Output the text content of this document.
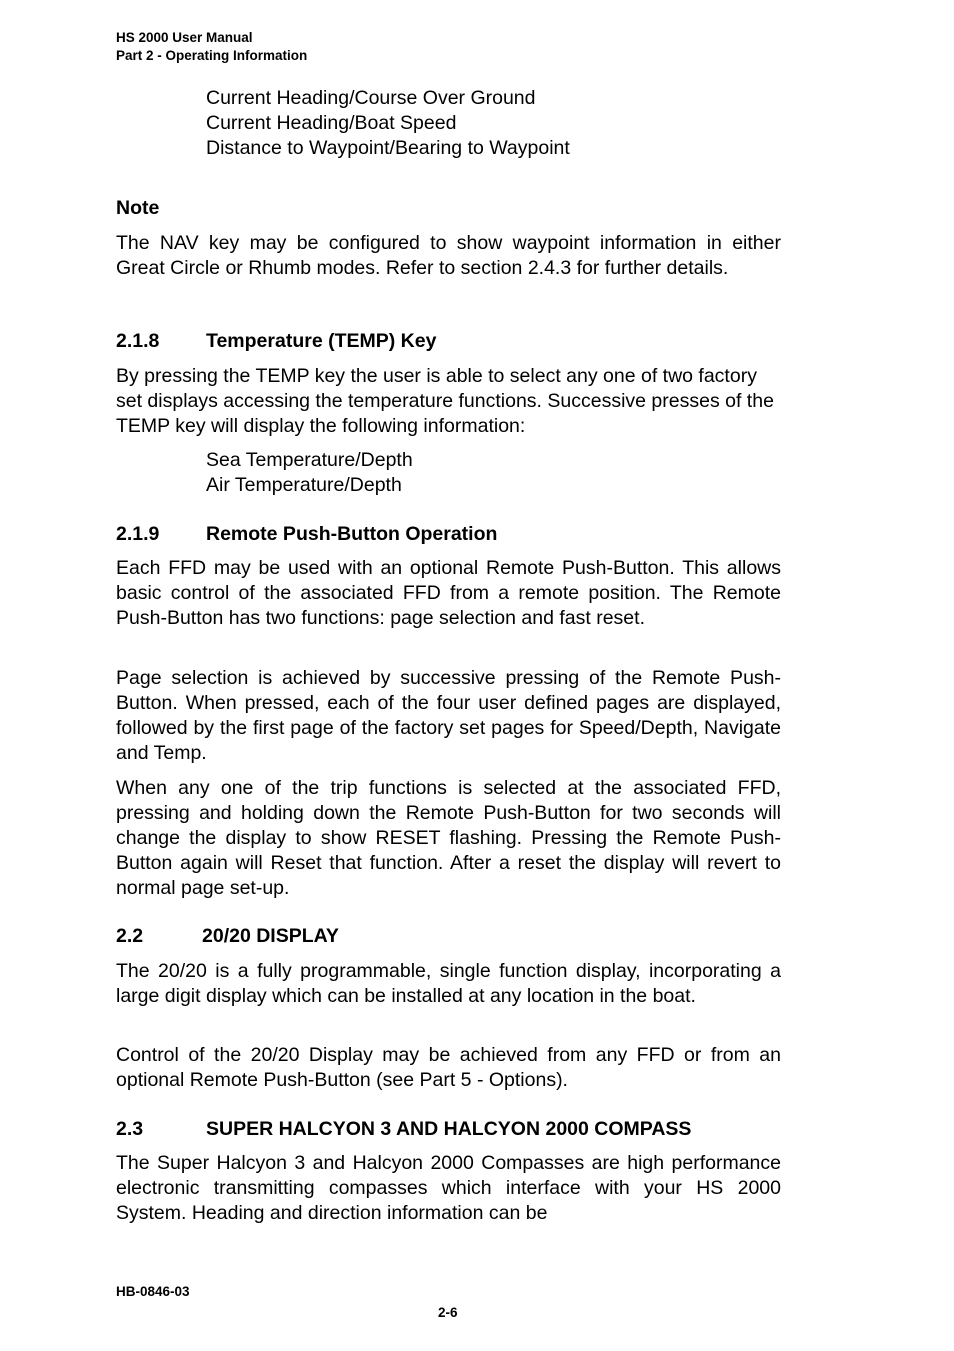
HS 2000 User Manual
Part 2 - Operating Information
Current Heading/Course Over Ground
Current Heading/Boat Speed
Distance to Waypoint/Bearing to Waypoint
Note
The NAV key may be configured to show waypoint information in either Great Circle or Rhumb modes. Refer to section 2.4.3 for further details.
2.1.8 Temperature (TEMP) Key
By pressing the TEMP key the user is able to select any one of two factory set displays accessing the temperature functions. Successive presses of the TEMP key will display the following information:
Sea Temperature/Depth
Air Temperature/Depth
2.1.9 Remote Push-Button Operation
Each FFD may be used with an optional Remote Push-Button. This allows basic control of the associated FFD from a remote position. The Remote Push-Button has two functions: page selection and fast reset.
Page selection is achieved by successive pressing of the Remote Push-Button. When pressed, each of the four user defined pages are displayed, followed by the first page of the factory set pages for Speed/Depth, Navigate and Temp.
When any one of the trip functions is selected at the associated FFD, pressing and holding down the Remote Push-Button for two seconds will change the display to show RESET flashing. Pressing the Remote Push-Button again will Reset that function. After a reset the display will revert to normal page set-up.
2.2	20/20 DISPLAY
The 20/20 is a fully programmable, single function display, incorporating a large digit display which can be installed at any location in the boat.
Control of the 20/20 Display may be achieved from any FFD or from an optional Remote Push-Button (see Part 5 - Options).
2.3	SUPER HALCYON 3 AND HALCYON 2000 COMPASS
The Super Halcyon 3 and Halcyon 2000 Compasses are high performance electronic transmitting compasses which interface with your HS 2000 System. Heading and direction information can be
HB-0846-03
2-6
